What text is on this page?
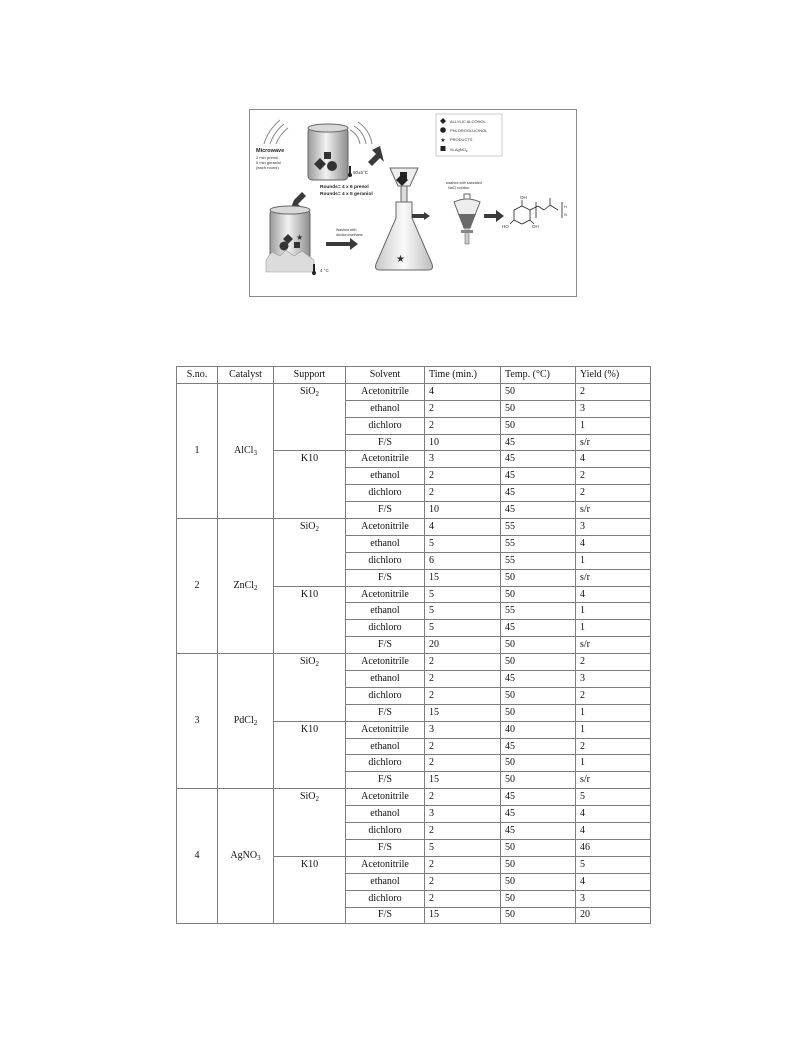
Microwave
2 min prenol
5 min geraniol
(each round)
50±5°C
★
ALLYLIC ALCOHOL
PHLOROGLUCINOL
PRODUCTS
Si-AgNO$_3$
Rounds= 4 x 6 prenol
Rounds= 4 x 5 geraniol
★
4 °C
Washed with
dichloromethane
★
washed with saturated
NaCl solution
OH
HO	OH
H
N
S.no.	Catalyst	Support	Solvent	Time (min.)	Temp. (°C)	Yield (%)
1	AlCl$_3$	SiO$_2$	Acetonitrile	4	50	2
			ethanol	2	50	3
			dichloro	2	50	1
			F/S	10	45	s/r
		K10	Acetonitrile	3	45	4
			ethanol	2	45	2
			dichloro	2	45	2
			F/S	10	45	s/r
2	ZnCl$_2$	SiO$_2$	Acetonitrile	4	55	3
			ethanol	5	55	4
			dichloro	6	55	1
			F/S	15	50	s/r
		K10	Acetonitrile	5	50	4
			ethanol	5	55	1
			dichloro	5	45	1
			F/S	20	50	s/r
3	PdCl$_2$	SiO$_2$	Acetonitrile	2	50	2
			ethanol	2	45	3
			dichloro	2	50	2
			F/S	15	50	1
		K10	Acetonitrile	3	40	1
			ethanol	2	45	2
			dichloro	2	50	1
			F/S	15	50	s/r
4	AgNO$_3$	SiO$_2$	Acetonitrile	2	45	5
			ethanol	3	45	4
			dichloro	2	45	4
			F/S	5	50	46
		K10	Acetonitrile	2	50	5
			ethanol	2	50	4
			dichloro	2	50	3
			F/S	15	50	20
